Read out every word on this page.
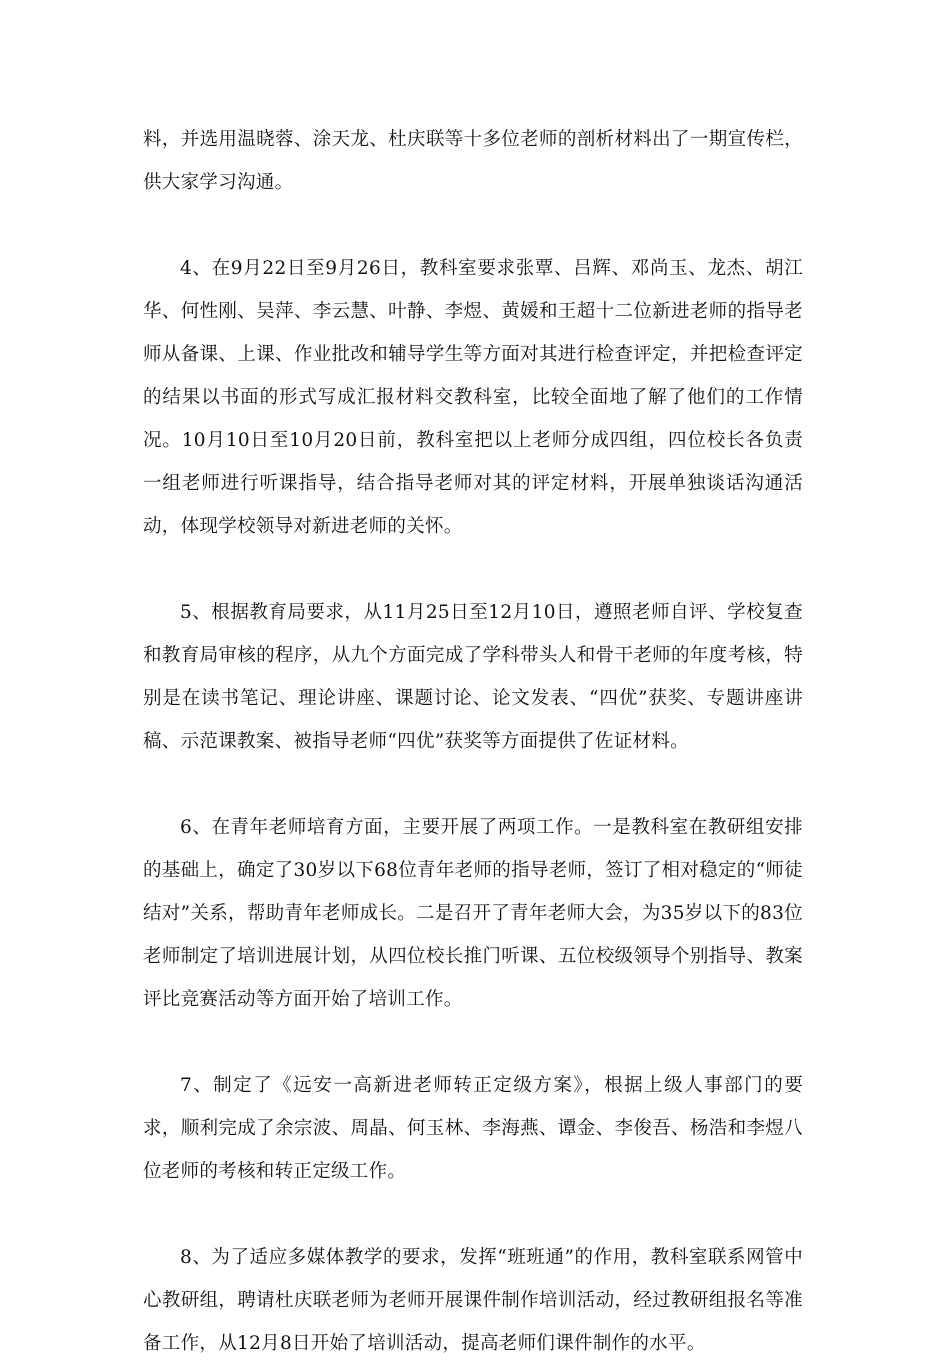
料，并选用温晓蓉、涂天龙、杜庆联等十多位老师的剖析材料出了一期宣传栏，供大家学习沟通。

4、在9月22日至9月26日，教科室要求张覃、吕辉、邓尚玉、龙杰、胡江华、何性刚、吴萍、李云慧、叶静、李煜、黄媛和王超十二位新进老师的指导老师从备课、上课、作业批改和辅导学生等方面对其进行检查评定，并把检查评定的结果以书面的形式写成汇报材料交教科室，比较全面地了解了他们的工作情况。10月10日至10月20日前，教科室把以上老师分成四组，四位校长各负责一组老师进行听课指导，结合指导老师对其的评定材料，开展单独谈话沟通活动，体现学校领导对新进老师的关怀。

5、根据教育局要求，从11月25日至12月10日，遵照老师自评、学校复查和教育局审核的程序，从九个方面完成了学科带头人和骨干老师的年度考核，特别是在读书笔记、理论讲座、课题讨论、论文发表、“四优”获奖、专题讲座讲稿、示范课教案、被指导老师“四优”获奖等方面提供了佐证材料。

6、在青年老师培育方面，主要开展了两项工作。一是教科室在教研组安排的基础上，确定了30岁以下68位青年老师的指导老师，签订了相对稳定的“师徒结对”关系，帮助青年老师成长。二是召开了青年老师大会，为35岁以下的83位老师制定了培训进展计划，从四位校长推门听课、五位校级领导个别指导、教案评比竞赛活动等方面开始了培训工作。

7、制定了《远安一高新进老师转正定级方案》，根据上级人事部门的要求，顺利完成了余宗波、周晶、何玉林、李海燕、谭金、李俊吾、杨浩和李煜八位老师的考核和转正定级工作。

8、为了适应多媒体教学的要求，发挥“班班通”的作用，教科室联系网管中心教研组，聘请杜庆联老师为老师开展课件制作培训活动，经过教研组报名等准备工作，从12月8日开始了培训活动，提高老师们课件制作的水平。
